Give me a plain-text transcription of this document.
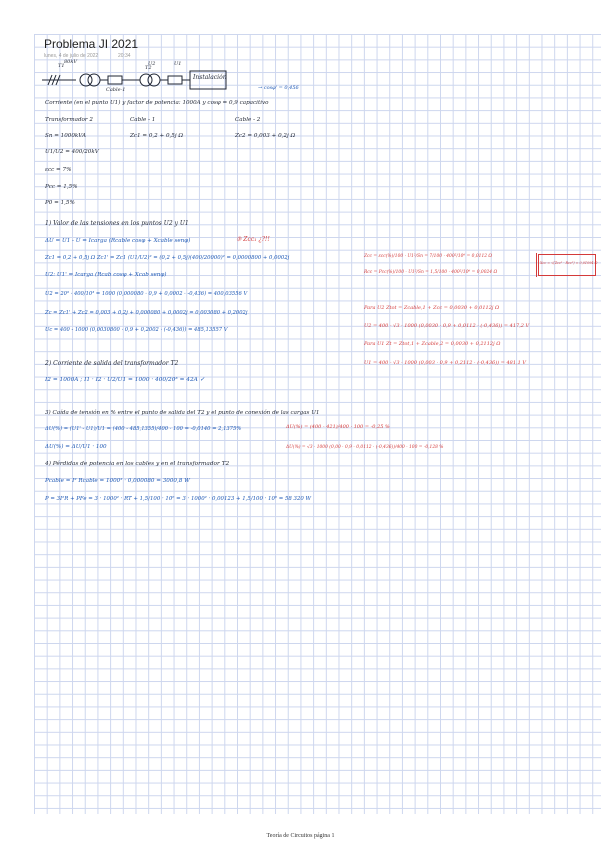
Problema JI 2021
lunes, 4 de julio de 2022	20:34
T1
80kV
Cable-1
T2
U2	U1
Instalación
→ cosφ' = 0,456
Corriente (en el punto U1) y factor de potencia: 1000A y cosφ = 0,9 capacitivo
Transformador 2	Cable - 1	Cable - 2
Sn = 1000kVA	Zc1 = 0,2 + 0,5j Ω	Zc2 = 0,003 + 0,2j Ω
U1/U2 = 400/20kV
εcc = 7%
Pcc = 1,5%
P0 = 1,5%
1) Valor de las tensiones en los puntos U2 y U1
ΔU = U1 - U = Icarga (Rcable cosφ + Xcable senφ)	③ Zcc₁ ¿?!!
Zc1 = 0,2 + 0,5j Ω Zc1' = Zc1 (U1/U2)² = (0,2 + 0,5j)(400/20000)² = 0,0000800 + 0,0002j
U2: U1' = Icarga (Rcab cosφ + Xcab senφ)
U2 = 20³ · 400/10³ = 1000 (0,000080 · 0,9 + 0,0002 · -0,436) = 400,03556 V
Zc = Zc1' + Zc2 = 0,003 + 0,2j + 0,000080 + 0,0002j = 0,003080 + 0,2002j
Uc = 400 - 1000 (0,0030800 · 0,9 + 0,2002 · (-0,436)) = 485,13557 V
Zcc = εcc(%)/100 · U1²/Sn = 7/100 · 400²/10⁶ = 0,0112 Ω
Rcc = Pcc(%)/100 · U1²/Sn = 1,5/100 · 400²/10⁶ = 0,0024 Ω
Xcc = √(Zcc² - Rcc²) = 0,01094 Ω
Para U2 Ztot = Zcable,1 + Zcc = 0,0030 + 0,0112j Ω
U2 = 400 - √3 · 1000 (0,0030 · 0,9 + 0,0112 · (-0,436)) = 417,2 V
Para U1 Zt = Ztot,1 + Zcable,2 = 0,0030 + 0,2112j Ω
U1 = 400 - √3 · 1000 (0,003 · 0,9 + 0,2112 · (-0,436)) = 481,1 V
2) Corriente de salida del transformador T2
I2 = 1000A ; I1 · I2 · U2/U1 = 1000 · 400/20³ = 42A ✓
3) Caída de tensión en % entre el punto de salida del T2 y el punto de conexión de las cargas U1
ΔU(%) = (U1' - U1)/U1 = (400 - 485,1355)/400 · 100 = -0,0140 = 2,1375%
ΔU(%) = ΔU/U1 · 100
ΔU(%) = (400 - 421)/400 · 100 = -0,25 %
ΔU(%) = √3 · 1000 (0,00 · 0,9 - 0,0112 · (-0,436))/400 · 100 = -0,128 %
4) Pérdidas de potencia en los cables y en el transformador T2
Pcable = I² Rcable = 1000² · 0,000080 = 3000,8 W
P = 3I²R + PFe = 3 · 1000² · RT + 1,5/100 · 10⁶ = 3 · 1000² · 0,00123 + 1,5/100 · 10⁶ = 58 320 W
Teoría de Circuitos página 1
